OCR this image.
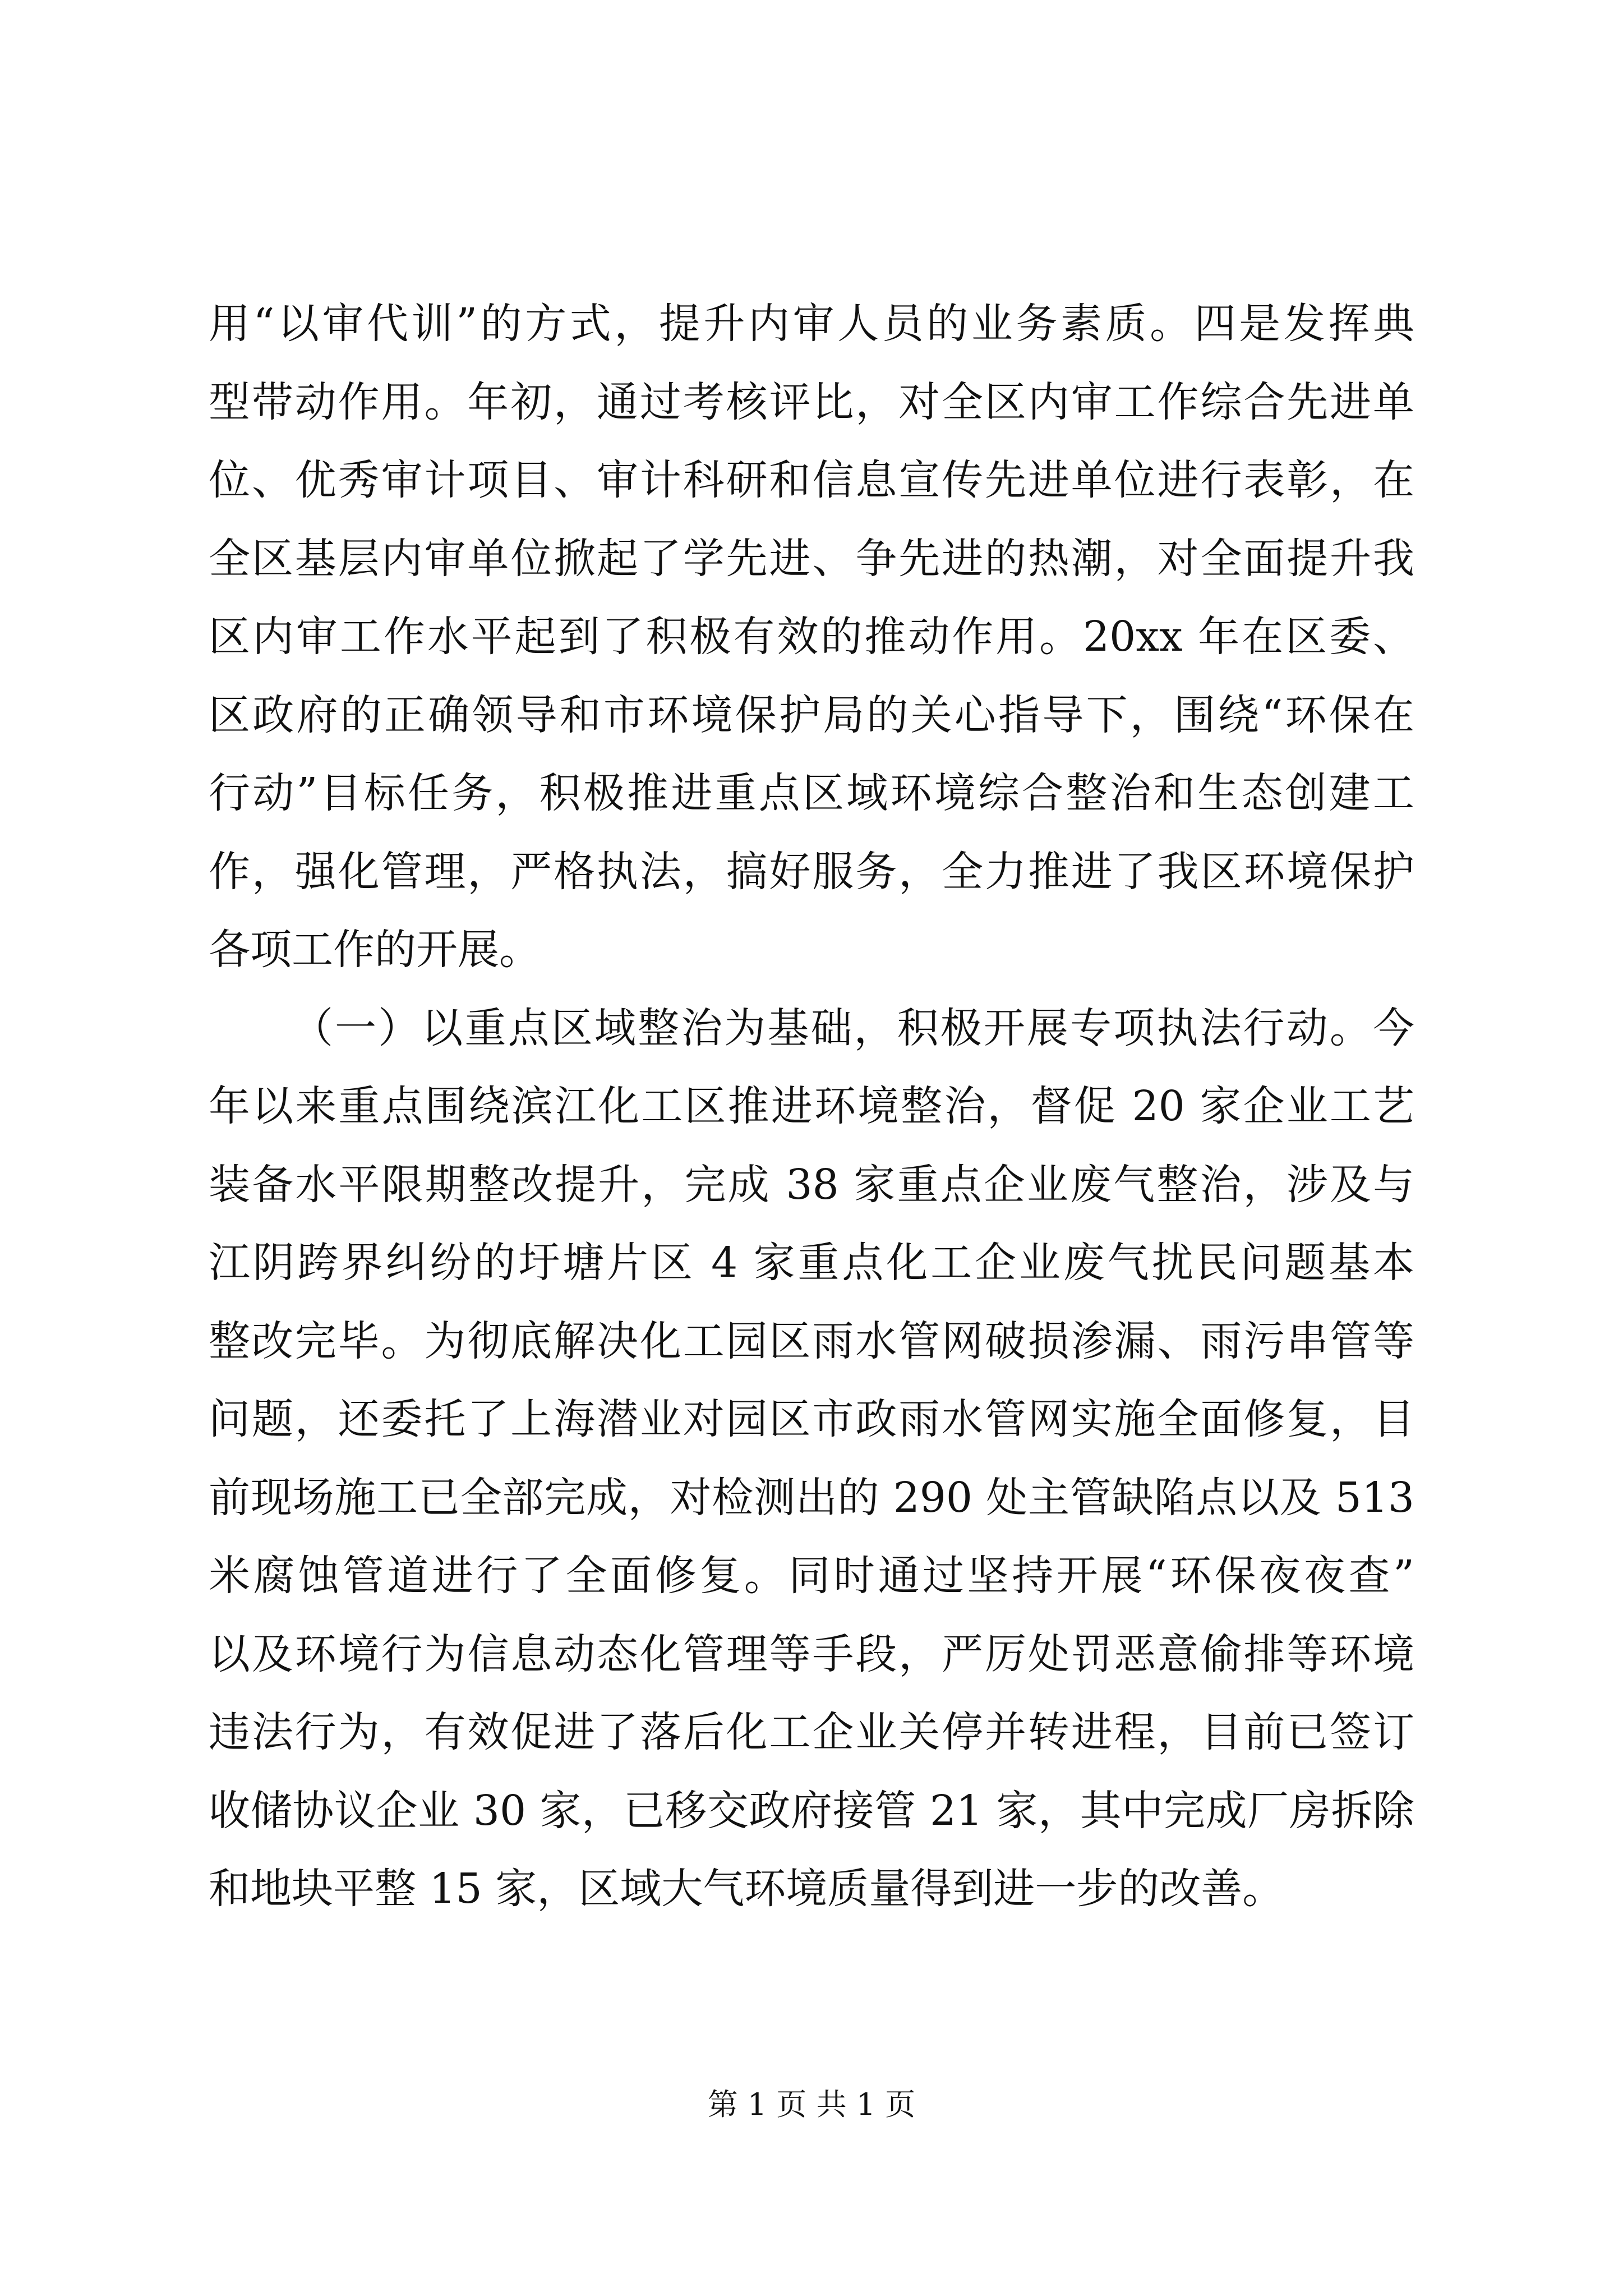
用“以审代训”的方式，提升内审人员的业务素质。四是发挥典
型带动作用。年初，通过考核评比，对全区内审工作综合先进单
位、优秀审计项目、审计科研和信息宣传先进单位进行表彰，在
全区基层内审单位掀起了学先进、争先进的热潮，对全面提升我
区内审工作水平起到了积极有效的推动作用。20xx 年在区委、
区政府的正确领导和市环境保护局的关心指导下，围绕“环保在
行动”目标任务，积极推进重点区域环境综合整治和生态创建工
作，强化管理，严格执法，搞好服务，全力推进了我区环境保护
各项工作的开展。
（一）以重点区域整治为基础，积极开展专项执法行动。今
年以来重点围绕滨江化工区推进环境整治，督促 20 家企业工艺
装备水平限期整改提升，完成 38 家重点企业废气整治，涉及与
江阴跨界纠纷的圩塘片区 4 家重点化工企业废气扰民问题基本
整改完毕。为彻底解决化工园区雨水管网破损渗漏、雨污串管等
问题，还委托了上海潜业对园区市政雨水管网实施全面修复，目
前现场施工已全部完成，对检测出的 290 处主管缺陷点以及 513
米腐蚀管道进行了全面修复。同时通过坚持开展“环保夜夜查”
以及环境行为信息动态化管理等手段，严厉处罚恶意偷排等环境
违法行为，有效促进了落后化工企业关停并转进程，目前已签订
收储协议企业 30 家，已移交政府接管 21 家，其中完成厂房拆除
和地块平整 15 家，区域大气环境质量得到进一步的改善。
第 1 页 共 1 页
